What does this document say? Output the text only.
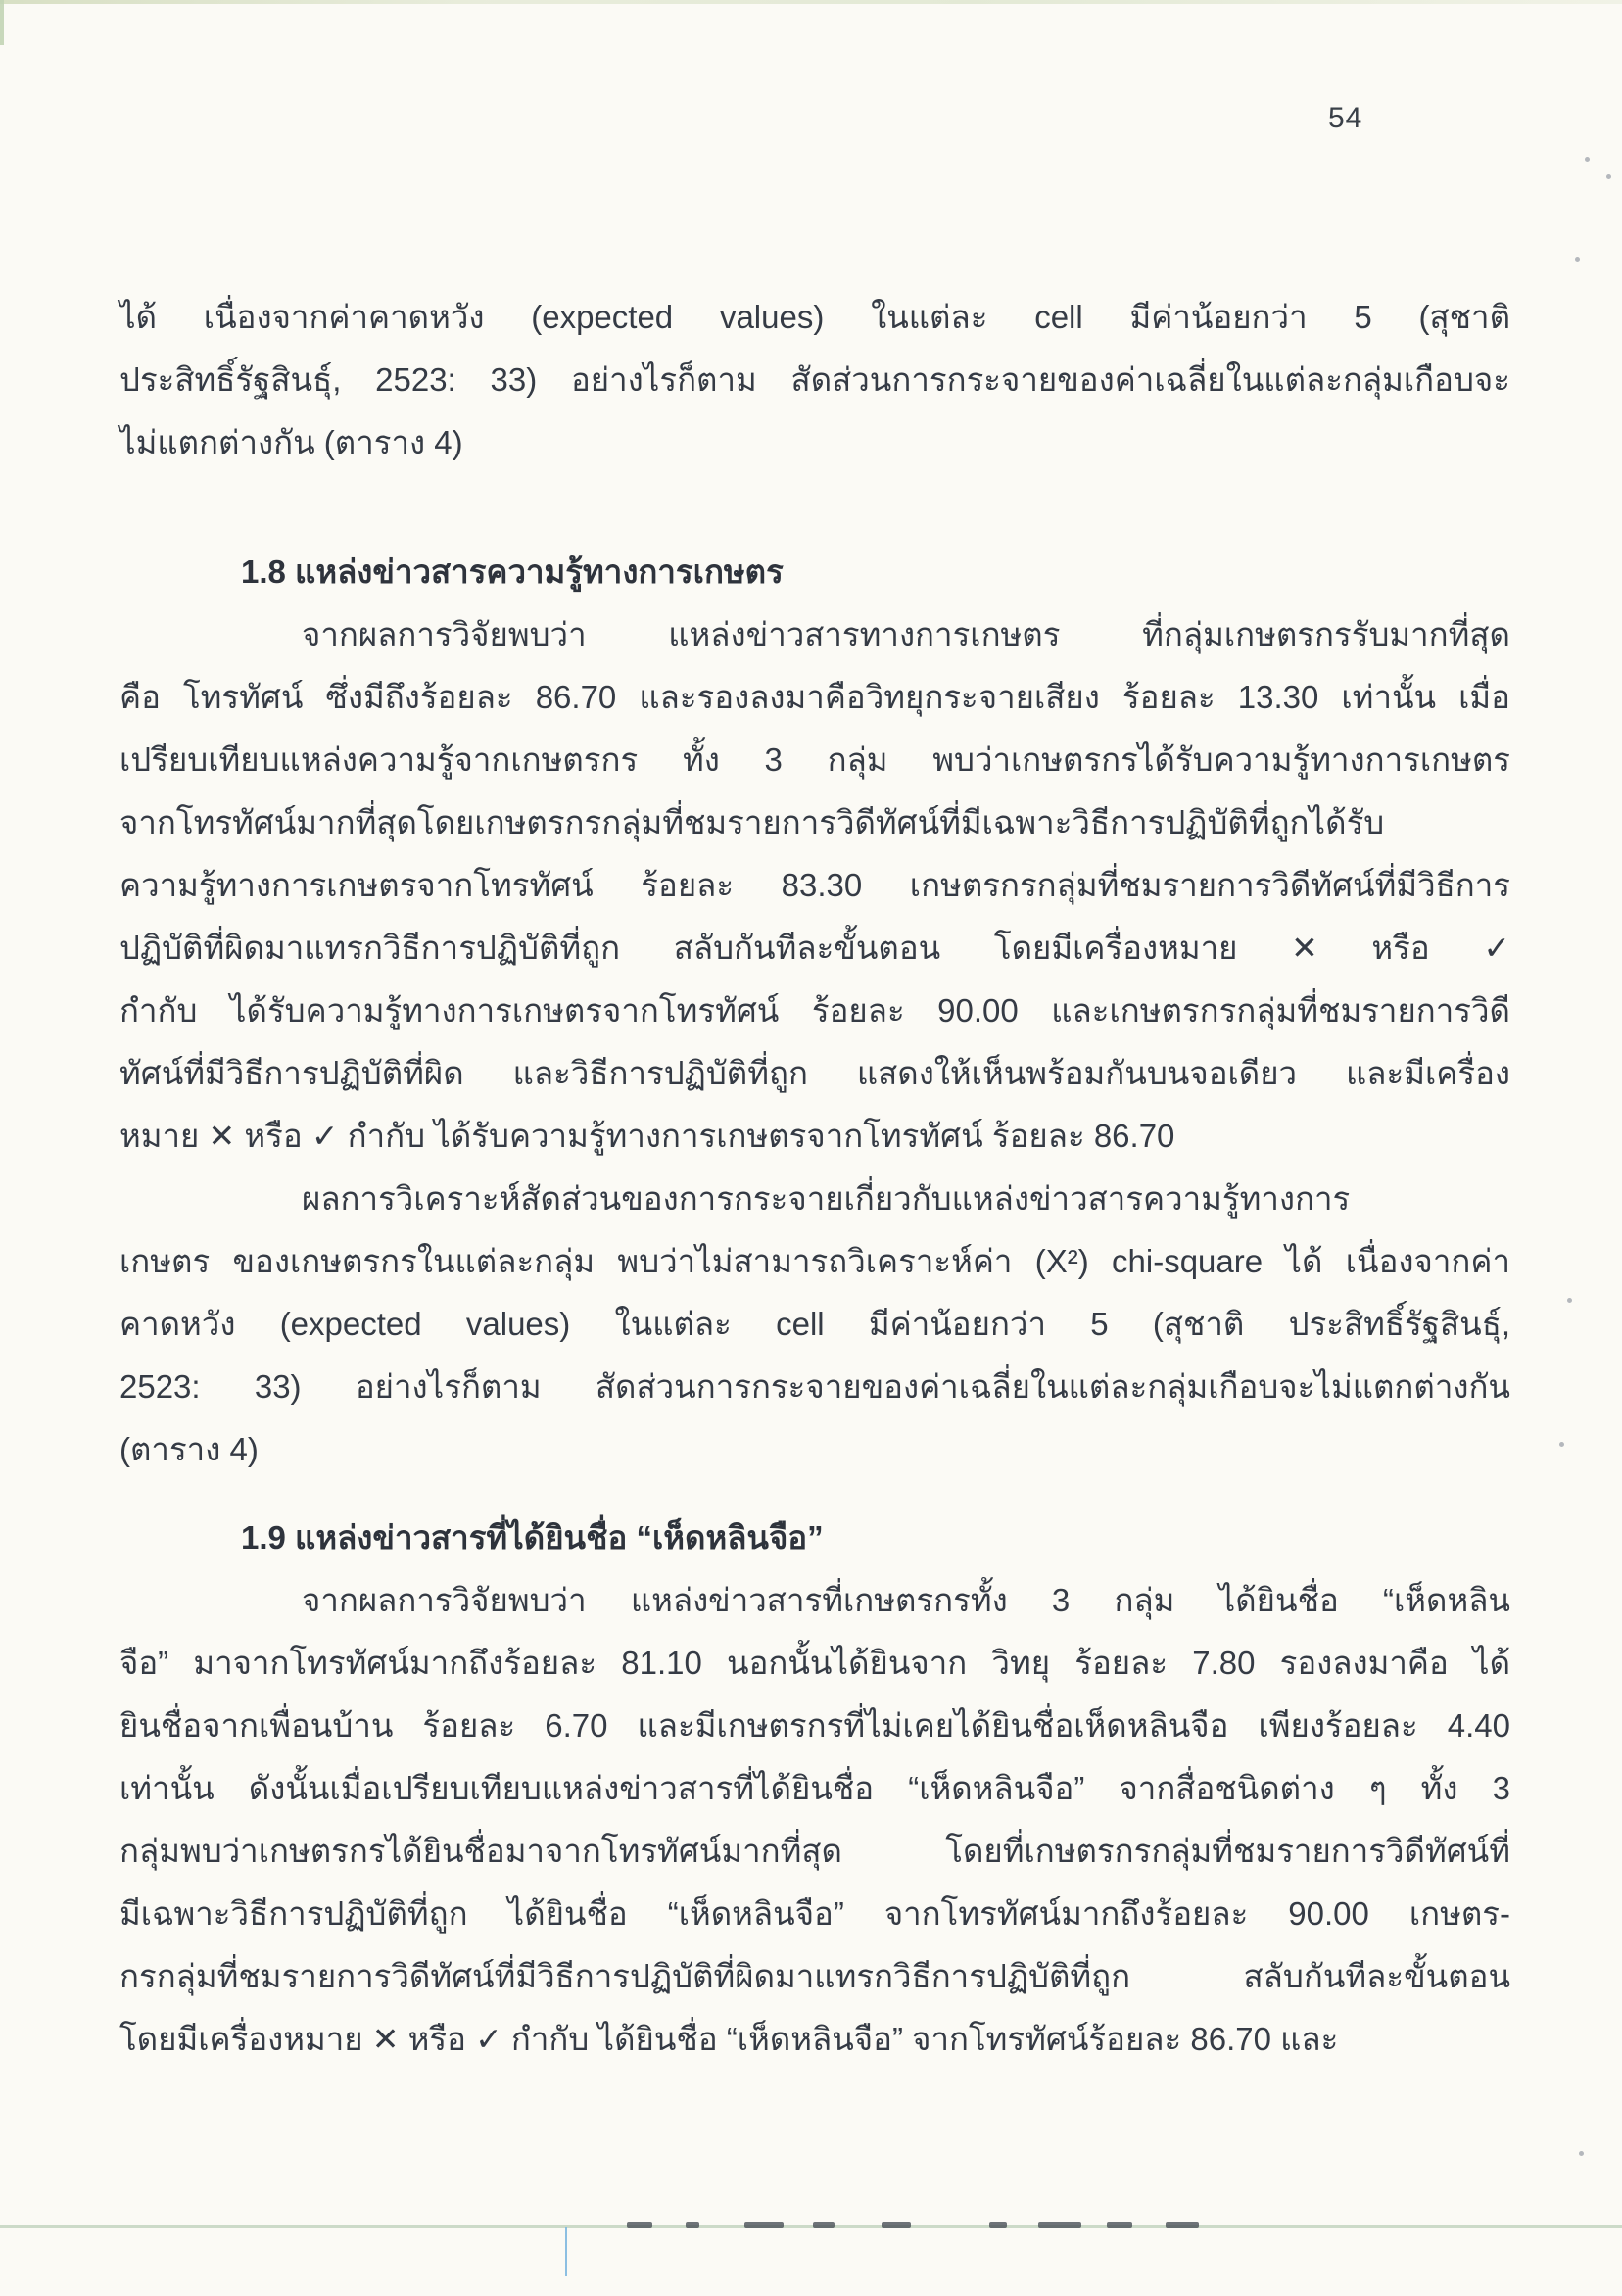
54
ได้ เนื่องจากค่าคาดหวัง (expected values) ในแต่ละ cell มีค่าน้อยกว่า 5 (สุชาติ
ประสิทธิ์รัฐสินธุ์, 2523: 33) อย่างไรก็ตาม สัดส่วนการกระจายของค่าเฉลี่ยในแต่ละกลุ่มเกือบจะ
ไม่แตกต่างกัน (ตาราง 4)
1.8 แหล่งข่าวสารความรู้ทางการเกษตร
จากผลการวิจัยพบว่า แหล่งข่าวสารทางการเกษตร ที่กลุ่มเกษตรกรรับมากที่สุด
คือ โทรทัศน์ ซึ่งมีถึงร้อยละ 86.70 และรองลงมาคือวิทยุกระจายเสียง ร้อยละ 13.30 เท่านั้น เมื่อ
เปรียบเทียบแหล่งความรู้จากเกษตรกร ทั้ง 3 กลุ่ม พบว่าเกษตรกรได้รับความรู้ทางการเกษตร
จากโทรทัศน์มากที่สุดโดยเกษตรกรกลุ่มที่ชมรายการวิดีทัศน์ที่มีเฉพาะวิธีการปฏิบัติที่ถูกได้รับ
ความรู้ทางการเกษตรจากโทรทัศน์ ร้อยละ 83.30 เกษตรกรกลุ่มที่ชมรายการวิดีทัศน์ที่มีวิธีการ
ปฏิบัติที่ผิดมาแทรกวิธีการปฏิบัติที่ถูก สลับกันทีละขั้นตอน โดยมีเครื่องหมาย ✕ หรือ ✓
กำกับ ได้รับความรู้ทางการเกษตรจากโทรทัศน์ ร้อยละ 90.00 และเกษตรกรกลุ่มที่ชมรายการวิดี
ทัศน์ที่มีวิธีการปฏิบัติที่ผิด และวิธีการปฏิบัติที่ถูก แสดงให้เห็นพร้อมกันบนจอเดียว และมีเครื่อง
หมาย ✕ หรือ ✓ กำกับ ได้รับความรู้ทางการเกษตรจากโทรทัศน์ ร้อยละ 86.70
ผลการวิเคราะห์สัดส่วนของการกระจายเกี่ยวกับแหล่งข่าวสารความรู้ทางการ
เกษตร ของเกษตรกรในแต่ละกลุ่ม พบว่าไม่สามารถวิเคราะห์ค่า (X²) chi-square ได้ เนื่องจากค่า
คาดหวัง (expected values) ในแต่ละ cell มีค่าน้อยกว่า 5 (สุชาติ ประสิทธิ์รัฐสินธุ์,
2523: 33) อย่างไรก็ตาม สัดส่วนการกระจายของค่าเฉลี่ยในแต่ละกลุ่มเกือบจะไม่แตกต่างกัน
(ตาราง 4)
1.9 แหล่งข่าวสารที่ได้ยินชื่อ “เห็ดหลินจือ”
จากผลการวิจัยพบว่า แหล่งข่าวสารที่เกษตรกรทั้ง 3 กลุ่ม ได้ยินชื่อ “เห็ดหลิน
จือ” มาจากโทรทัศน์มากถึงร้อยละ 81.10 นอกนั้นได้ยินจาก วิทยุ ร้อยละ 7.80 รองลงมาคือ ได้
ยินชื่อจากเพื่อนบ้าน ร้อยละ 6.70 และมีเกษตรกรที่ไม่เคยได้ยินชื่อเห็ดหลินจือ เพียงร้อยละ 4.40
เท่านั้น ดังนั้นเมื่อเปรียบเทียบแหล่งข่าวสารที่ได้ยินชื่อ “เห็ดหลินจือ” จากสื่อชนิดต่าง ๆ ทั้ง 3
กลุ่มพบว่าเกษตรกรได้ยินชื่อมาจากโทรทัศน์มากที่สุด โดยที่เกษตรกรกลุ่มที่ชมรายการวิดีทัศน์ที่
มีเฉพาะวิธีการปฏิบัติที่ถูก ได้ยินชื่อ “เห็ดหลินจือ” จากโทรทัศน์มากถึงร้อยละ 90.00 เกษตร-
กรกลุ่มที่ชมรายการวิดีทัศน์ที่มีวิธีการปฏิบัติที่ผิดมาแทรกวิธีการปฏิบัติที่ถูก สลับกันทีละขั้นตอน
โดยมีเครื่องหมาย ✕ หรือ ✓ กำกับ ได้ยินชื่อ “เห็ดหลินจือ” จากโทรทัศน์ร้อยละ 86.70 และ
